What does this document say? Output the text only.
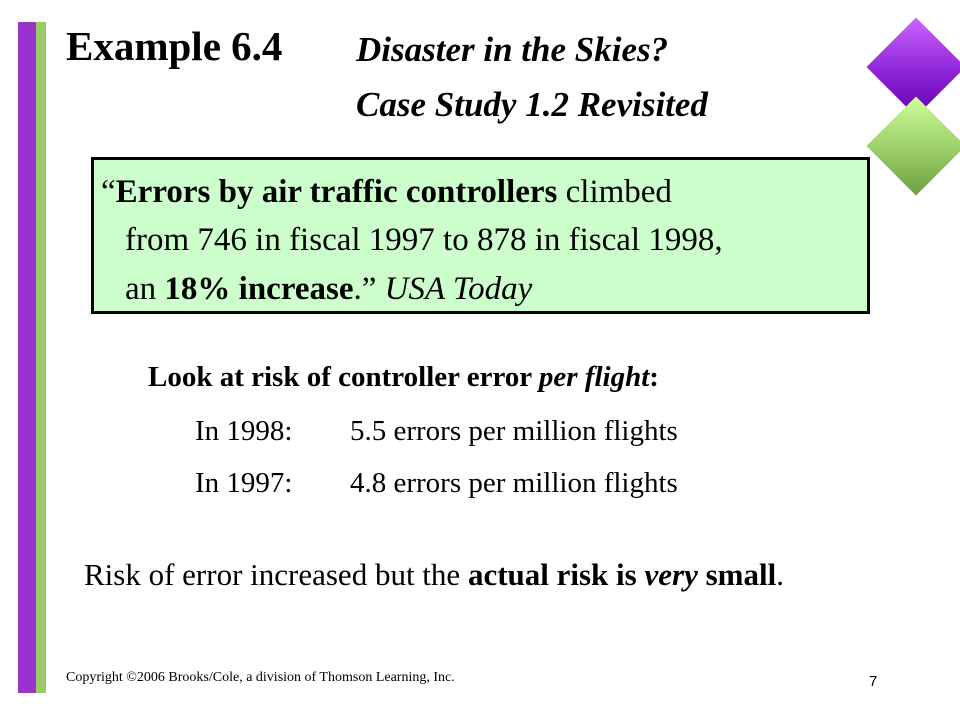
Example 6.4 Disaster in the Skies?
Case Study 1.2 Revisited
“Errors by air traffic controllers climbed
from 746 in fiscal 1997 to 878 in fiscal 1998,
an 18% increase.” USA Today
Look at risk of controller error per flight:
In 1998: 5.5 errors per million flights
In 1997: 4.8 errors per million flights
Risk of error increased but the actual risk is very small.
Copyright ©2006 Brooks/Cole, a division of Thomson Learning, Inc.	7
